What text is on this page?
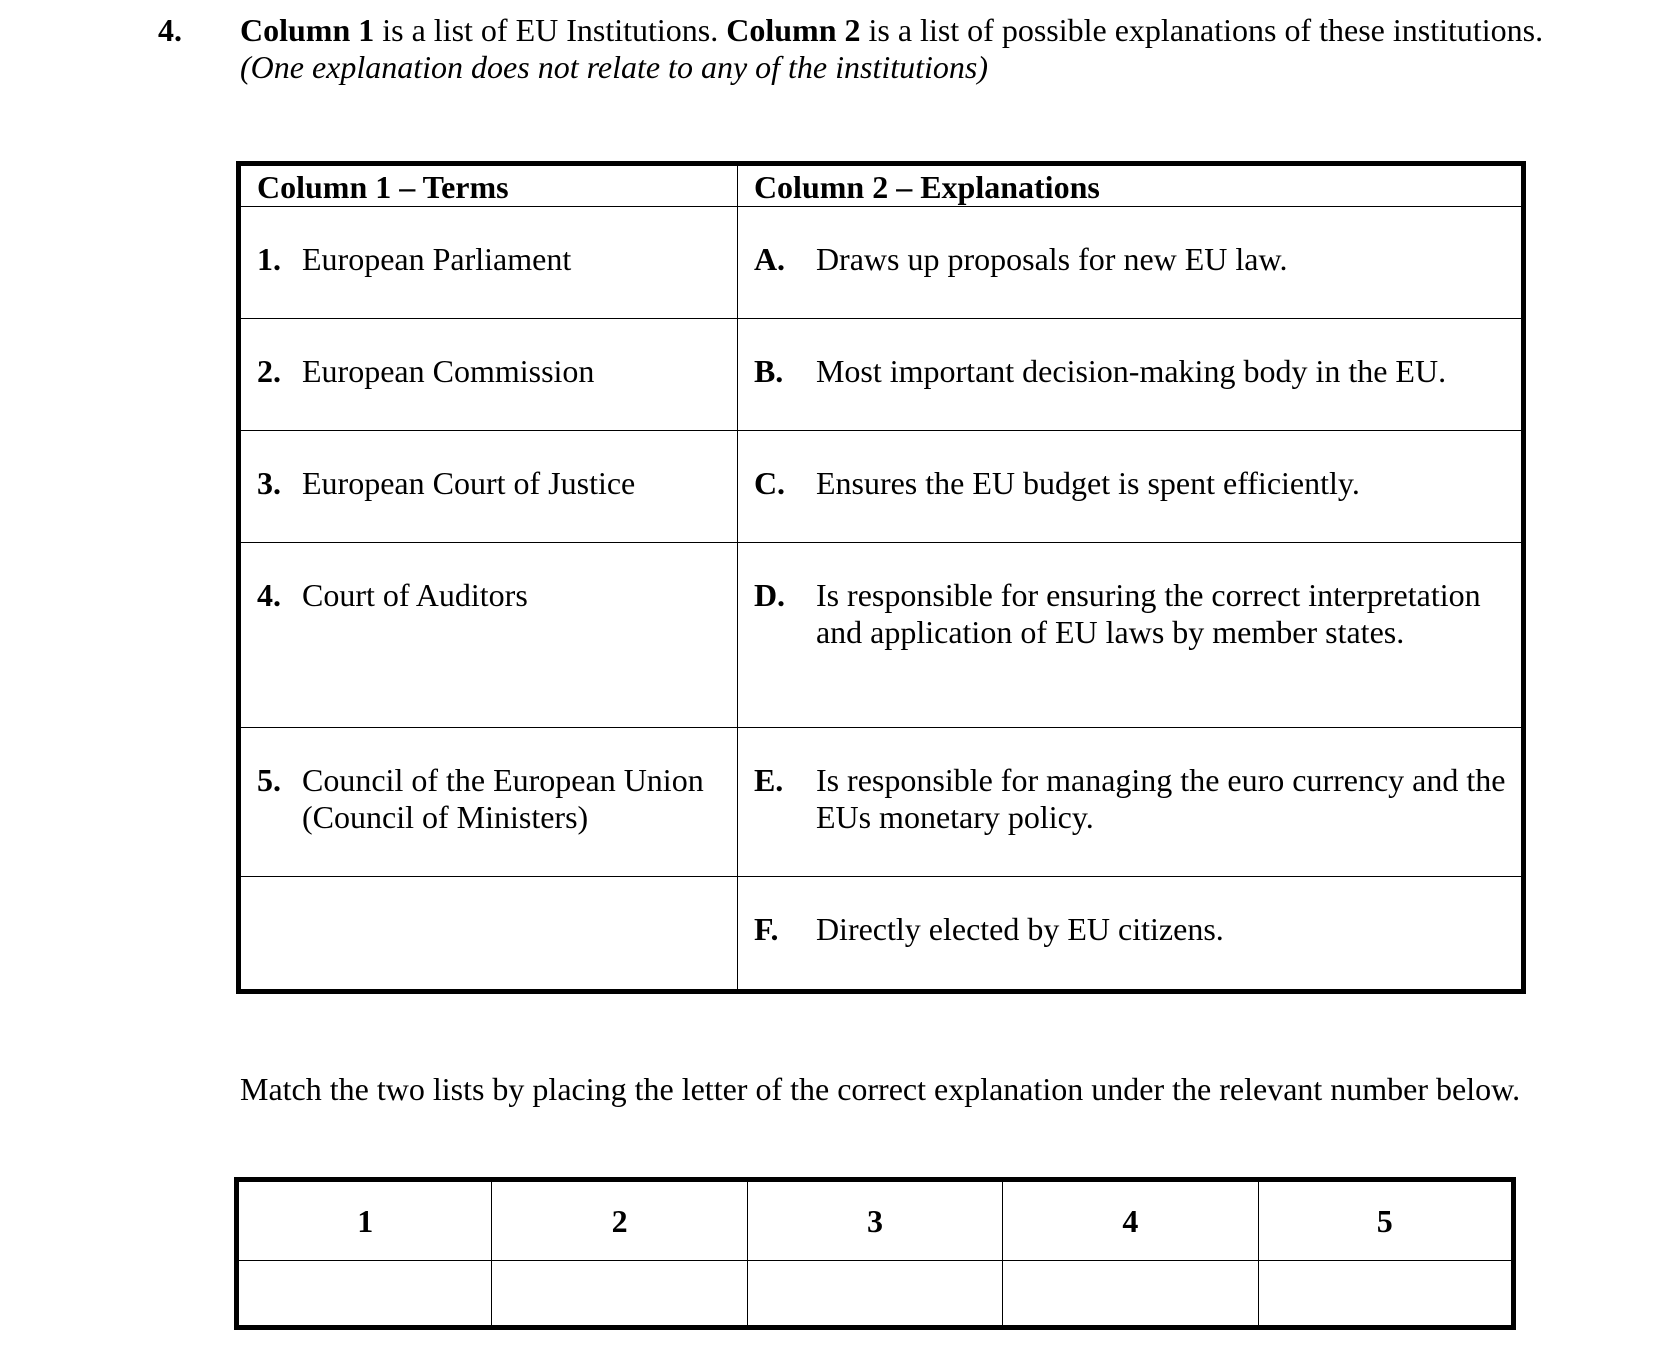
4. Column 1 is a list of EU Institutions. Column 2 is a list of possible explanations of these institutions. (One explanation does not relate to any of the institutions)
Column 1 – Terms	Column 2 – Explanations

1. European Parliament	A. Draws up proposals for new EU law.

2. European Commission	B. Most important decision-making body in the EU.

3. European Court of Justice	C. Ensures the EU budget is spent efficiently.

4. Court of Auditors	D. Is responsible for ensuring the correct interpretation and application of EU laws by member states.

5. Council of the European Union (Council of Ministers)	E. Is responsible for managing the euro currency and the EUs monetary policy.

	F. Directly elected by EU citizens.
Match the two lists by placing the letter of the correct explanation under the relevant number below.
1	2	3	4	5
